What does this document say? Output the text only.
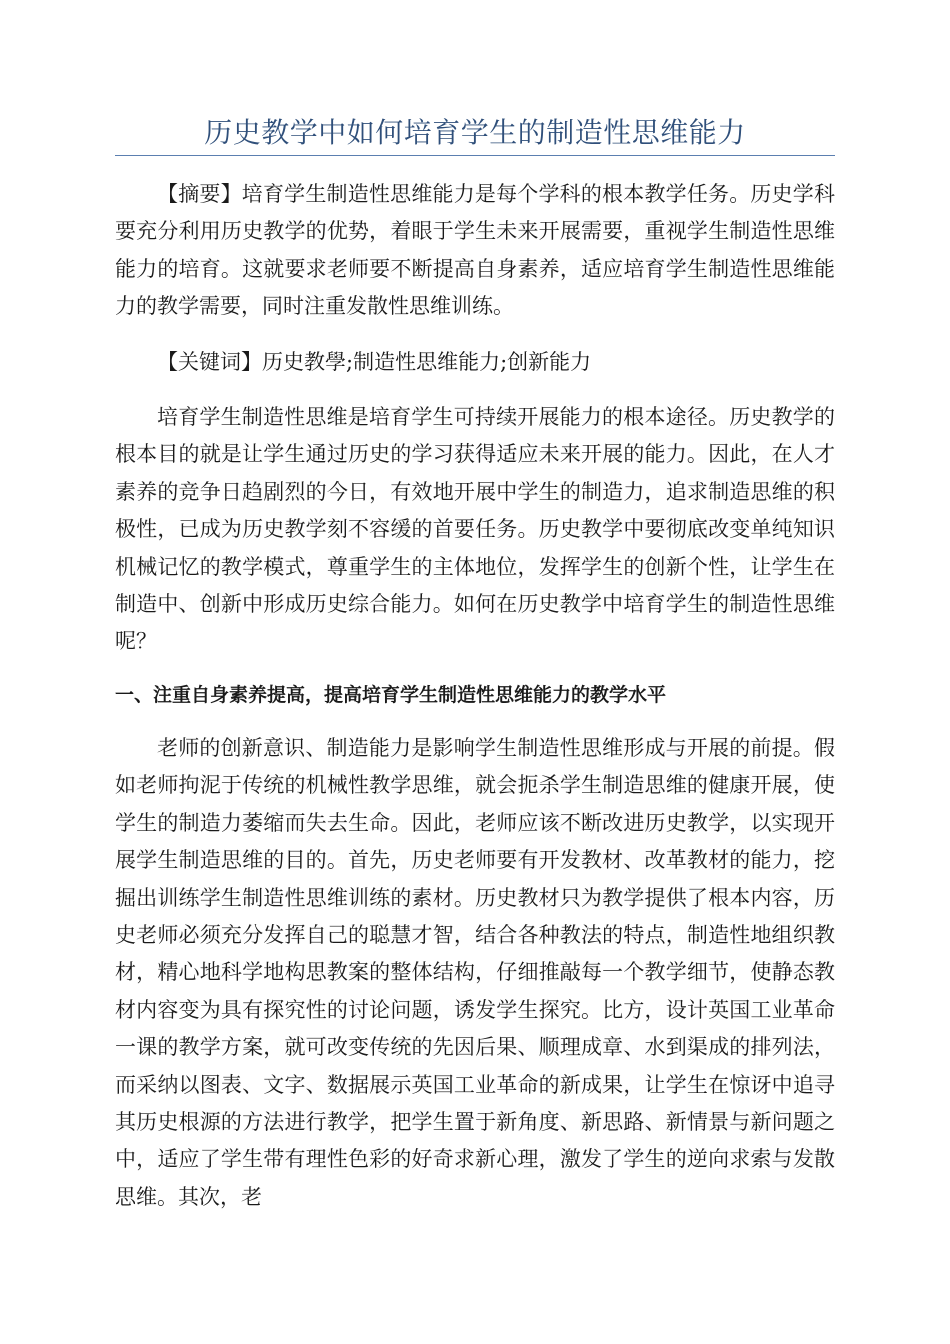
历史教学中如何培育学生的制造性思维能力

【摘要】培育学生制造性思维能力是每个学科的根本教学任务。历史学科要充分利用历史教学的优势，着眼于学生未来开展需要，重视学生制造性思维能力的培育。这就要求老师要不断提高自身素养，适应培育学生制造性思维能力的教学需要，同时注重发散性思维训练。

【关键词】历史教學;制造性思维能力;创新能力

培育学生制造性思维是培育学生可持续开展能力的根本途径。历史教学的根本目的就是让学生通过历史的学习获得适应未来开展的能力。因此，在人才素养的竞争日趋剧烈的今日，有效地开展中学生的制造力，追求制造思维的积极性，已成为历史教学刻不容缓的首要任务。历史教学中要彻底改变单纯知识机械记忆的教学模式，尊重学生的主体地位，发挥学生的创新个性，让学生在制造中、创新中形成历史综合能力。如何在历史教学中培育学生的制造性思维呢？

一、注重自身素养提高，提高培育学生制造性思维能力的教学水平

老师的创新意识、制造能力是影响学生制造性思维形成与开展的前提。假如老师拘泥于传统的机械性教学思维，就会扼杀学生制造思维的健康开展，使学生的制造力萎缩而失去生命。因此，老师应该不断改进历史教学，以实现开展学生制造思维的目的。首先，历史老师要有开发教材、改革教材的能力，挖掘出训练学生制造性思维训练的素材。历史教材只为教学提供了根本内容，历史老师必须充分发挥自己的聪慧才智，结合各种教法的特点，制造性地组织教材，精心地科学地构思教案的整体结构，仔细推敲每一个教学细节，使静态教材内容变为具有探究性的讨论问题，诱发学生探究。比方，设计英国工业革命一课的教学方案，就可改变传统的先因后果、顺理成章、水到渠成的排列法，而采纳以图表、文字、数据展示英国工业革命的新成果，让学生在惊讶中追寻其历史根源的方法进行教学，把学生置于新角度、新思路、新情景与新问题之中，适应了学生带有理性色彩的好奇求新心理，激发了学生的逆向求索与发散思维。其次，老
